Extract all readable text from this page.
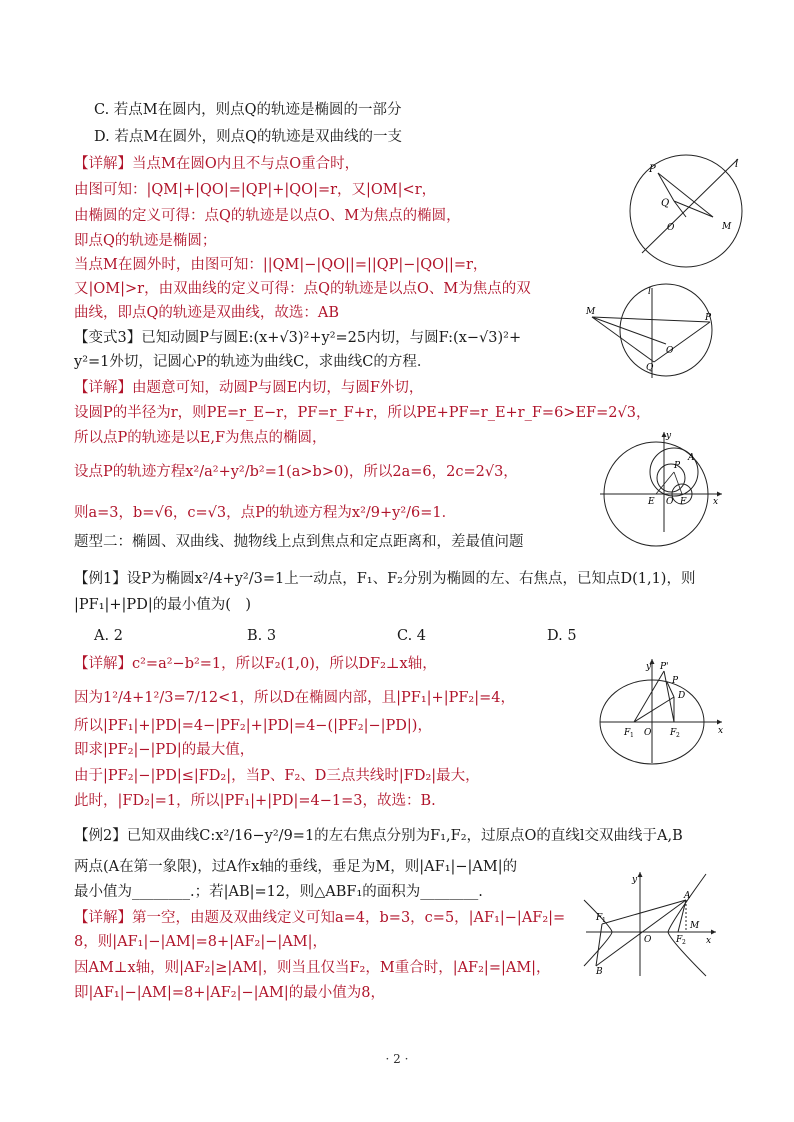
C. 若点M在圆内，则点Q的轨迹是椭圆的一部分
D. 若点M在圆外，则点Q的轨迹是双曲线的一支
【详解】当点M在圆O内且不与点O重合时，
由图可知：|QM|+|QO|=|QP|+|QO|=r，又|OM|<r，
由椭圆的定义可得：点Q的轨迹是以点O、M为焦点的椭圆，
即点Q的轨迹是椭圆；
当点M在圆外时，由图可知：||QM|−|QO||=||QP|−|QO||=r，
又|OM|>r，由双曲线的定义可得：点Q的轨迹是以点O、M为焦点的双
曲线，即点Q的轨迹是双曲线，故选：AB
【变式3】已知动圆P与圆E:(x+√3)²+y²=25内切，与圆F:(x−√3)²+
y²=1外切，记圆心P的轨迹为曲线C，求曲线C的方程．
【详解】由题意可知，动圆P与圆E内切，与圆F外切，
设圆P的半径为r，则PE=r_E−r，PF=r_F+r，所以PE+PF=r_E+r_F=6>EF=2√3，
所以点P的轨迹是以E,F为焦点的椭圆，
设点P的轨迹方程x²/a²+y²/b²=1(a>b>0)，所以2a=6，2c=2√3，
则a=3，b=√6，c=√3，点P的轨迹方程为x²/9+y²/6=1．
题型二：椭圆、双曲线、抛物线上点到焦点和定点距离和，差最值问题
【例1】设P为椭圆x²/4+y²/3=1上一动点，F₁、F₂分别为椭圆的左、右焦点，已知点D(1,1)，则
|PF₁|+|PD|的最小值为(　)
A. 2	B. 3	C. 4	D. 5
【详解】c²=a²−b²=1，所以F₂(1,0)，所以DF₂⊥x轴，
因为1²/4+1²/3=7/12<1，所以D在椭圆内部，且|PF₁|+|PF₂|=4，
所以|PF₁|+|PD|=4−|PF₂|+|PD|=4−(|PF₂|−|PD|)，
即求|PF₂|−|PD|的最大值，
由于|PF₂|−|PD|≤|FD₂|，当P、F₂、D三点共线时|FD₂|最大，
此时，|FD₂|=1，所以|PF₁|+|PD|=4−1=3，故选：B.
【例2】已知双曲线C:x²/16−y²/9=1的左右焦点分别为F₁,F₂，过原点O的直线l交双曲线于A,B
两点(A在第一象限)，过A作x轴的垂线，垂足为M，则|AF₁|−|AM|的
最小值为________.；若|AB|=12，则△ABF₁的面积为________.
【详解】第一空，由题及双曲线定义可知a=4，b=3，c=5，|AF₁|−|AF₂|=
8，则|AF₁|−|AM|=8+|AF₂|−|AM|，
因AM⊥x轴，则|AF₂|≥|AM|，则当且仅当F₂，M重合时，|AF₂|=|AM|，
即|AF₁|−|AM|=8+|AF₂|−|AM|的最小值为8，
P	l
Q
O	M
l
M
P
O
Q
y
x
A
P
E O F
y
x
P'
P
D
F 1 O F 2
y
x
A
F 1
O	F 2
M
B
· 2 ·
